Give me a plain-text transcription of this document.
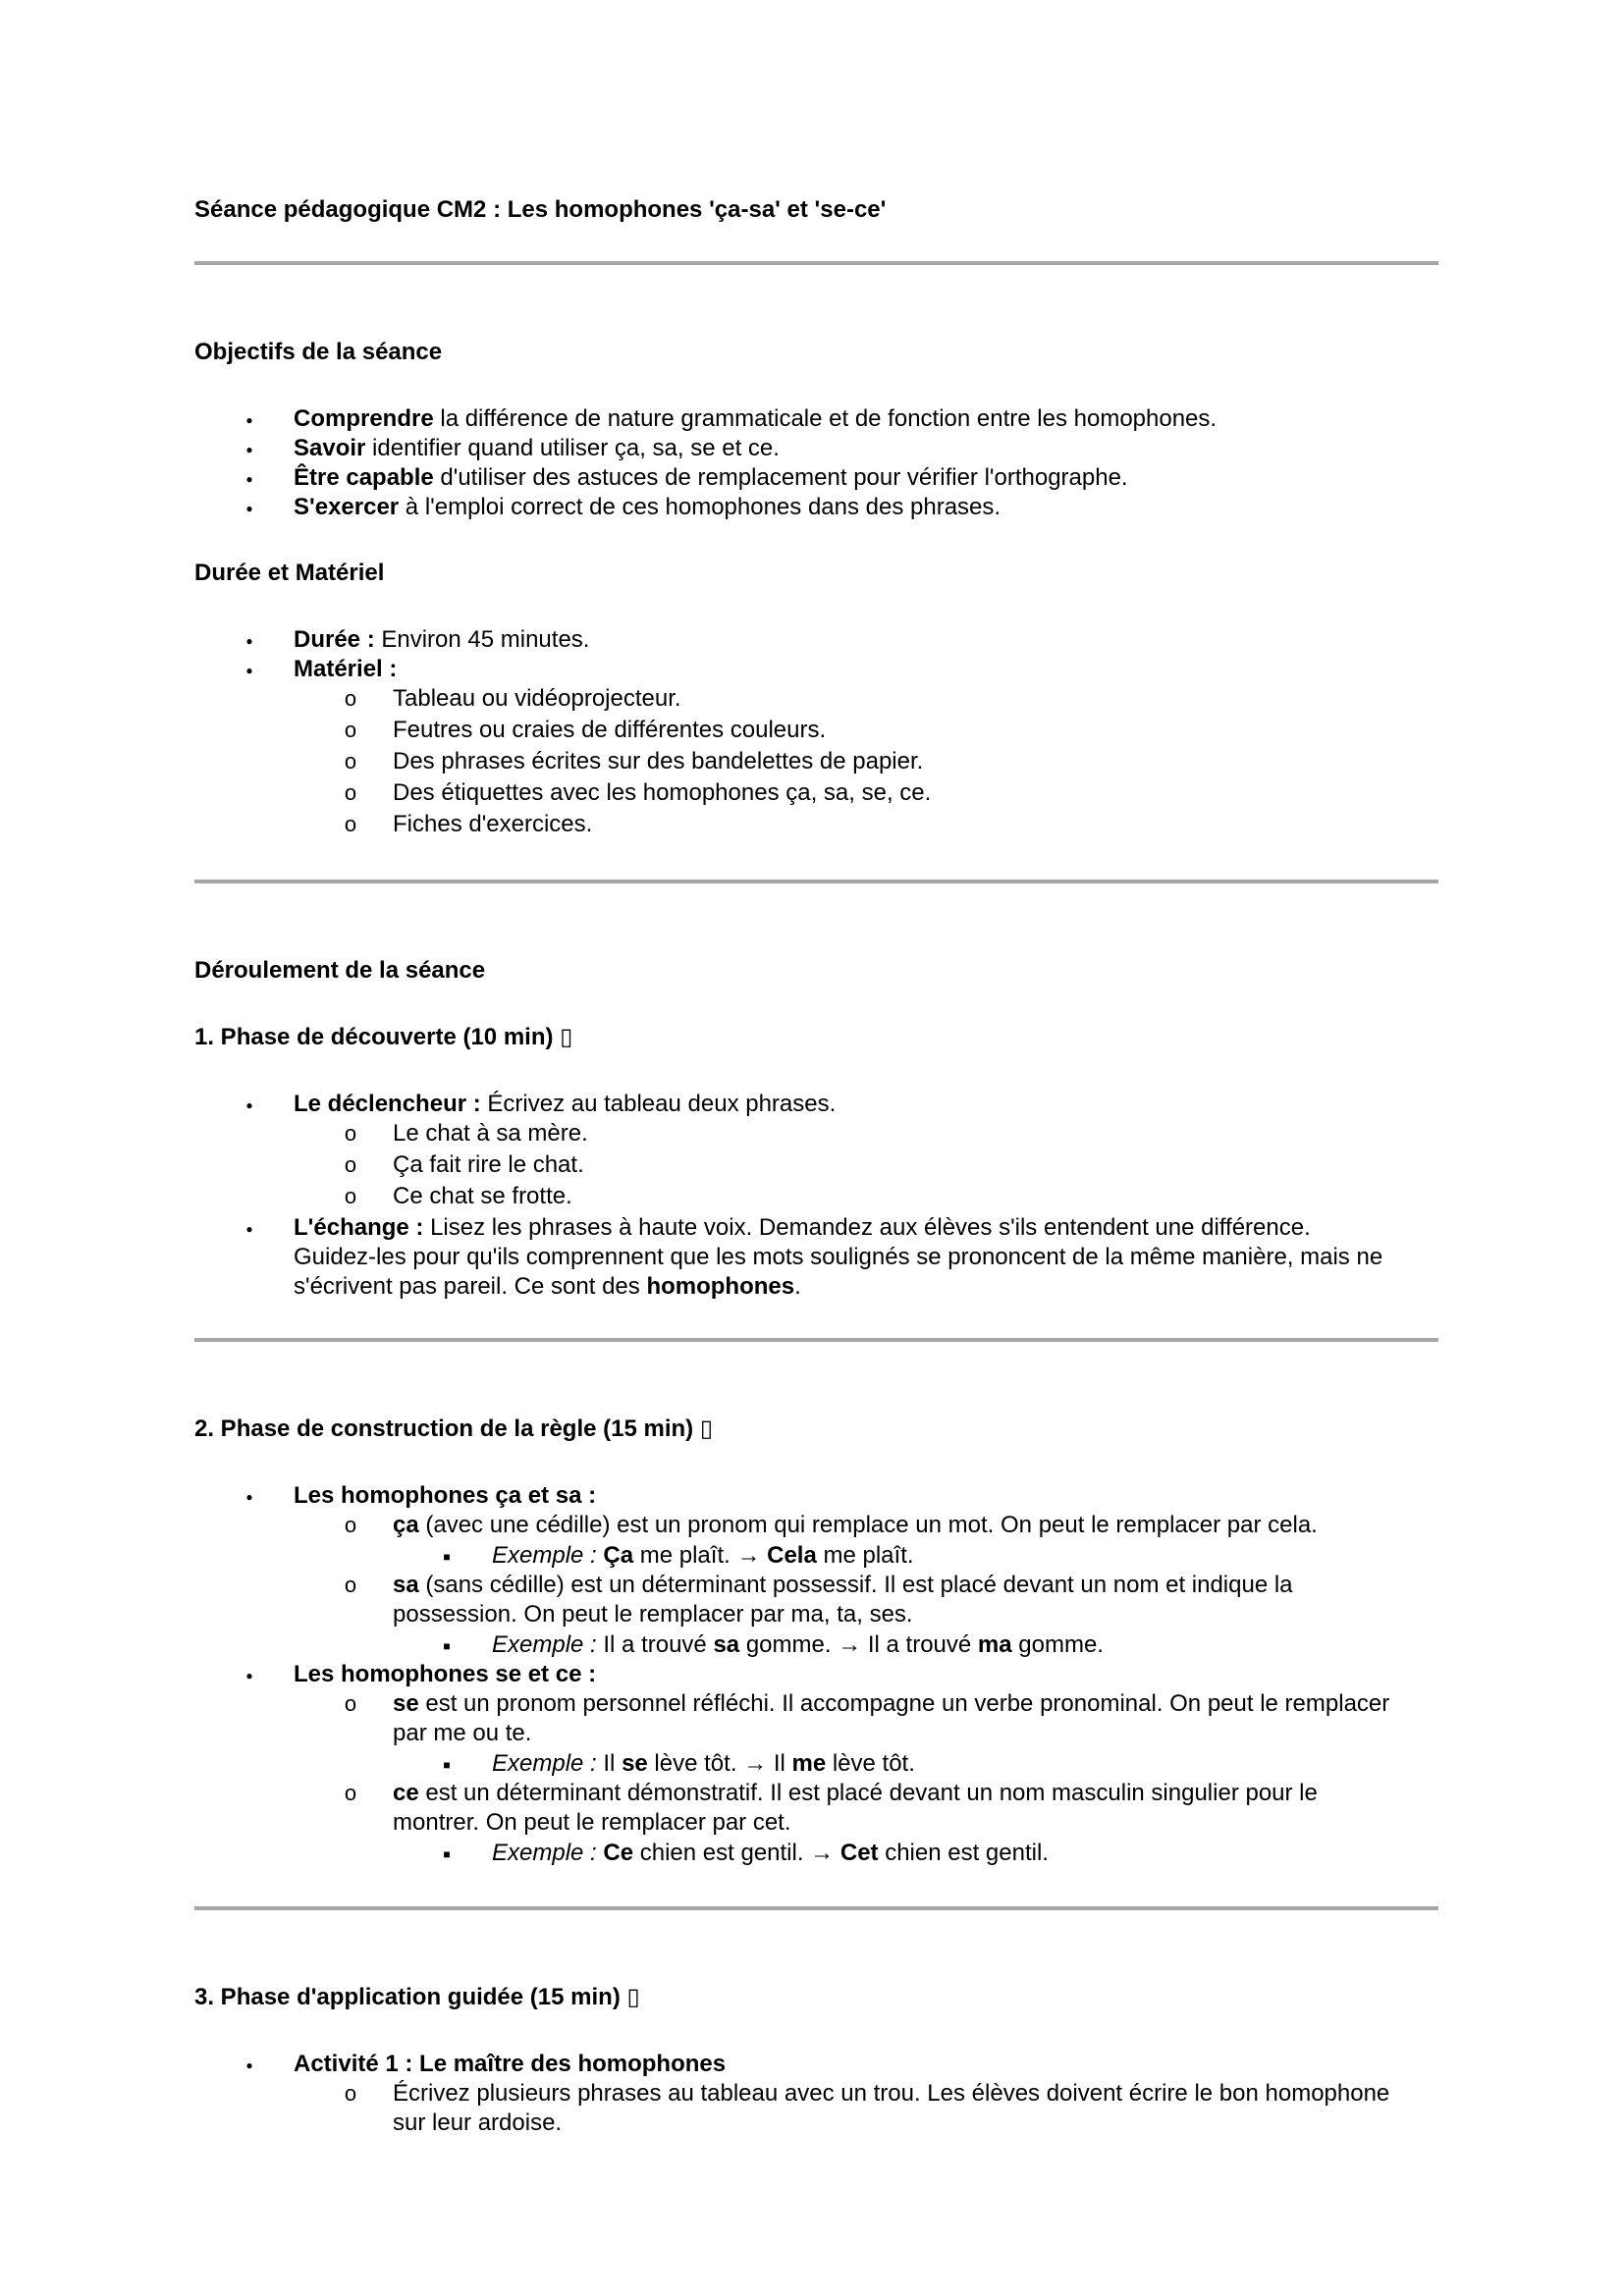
Séance pédagogique CM2 : Les homophones 'ça-sa' et 'se-ce'
Objectifs de la séance
●
Comprendre la différence de nature grammaticale et de fonction entre les homophones.
●
Savoir identifier quand utiliser ça, sa, se et ce.
●
Être capable d'utiliser des astuces de remplacement pour vérifier l'orthographe.
●
S'exercer à l'emploi correct de ces homophones dans des phrases.
Durée et Matériel
●
Durée : Environ 45 minutes.
●
Matériel :
o Tableau ou vidéoprojecteur.
o Feutres ou craies de différentes couleurs.
o Des phrases écrites sur des bandelettes de papier.
o Des étiquettes avec les homophones ça, sa, se, ce.
o Fiches d'exercices.
Déroulement de la séance
1. Phase de découverte (10 min) ▯
●
Le déclencheur : Écrivez au tableau deux phrases.
o Le chat à sa mère.
o Ça fait rire le chat.
o Ce chat se frotte.
●
L'échange : Lisez les phrases à haute voix. Demandez aux élèves s'ils entendent une différence.
Guidez-les pour qu'ils comprennent que les mots soulignés se prononcent de la même manière, mais ne
s'écrivent pas pareil. Ce sont des homophones.
2. Phase de construction de la règle (15 min) ▯
●
Les homophones ça et sa :
o ça (avec une cédille) est un pronom qui remplace un mot. On peut le remplacer par cela.
■
Exemple : Ça me plaît. → Cela me plaît.
o sa (sans cédille) est un déterminant possessif. Il est placé devant un nom et indique la
possession. On peut le remplacer par ma, ta, ses.
■
Exemple : Il a trouvé sa gomme. → Il a trouvé ma gomme.
●
Les homophones se et ce :
o se est un pronom personnel réfléchi. Il accompagne un verbe pronominal. On peut le remplacer
par me ou te.
■
Exemple : Il se lève tôt. → Il me lève tôt.
o ce est un déterminant démonstratif. Il est placé devant un nom masculin singulier pour le
montrer. On peut le remplacer par cet.
■
Exemple : Ce chien est gentil. → Cet chien est gentil.
3. Phase d'application guidée (15 min) ▯
●
Activité 1 : Le maître des homophones
o Écrivez plusieurs phrases au tableau avec un trou. Les élèves doivent écrire le bon homophone
sur leur ardoise.
